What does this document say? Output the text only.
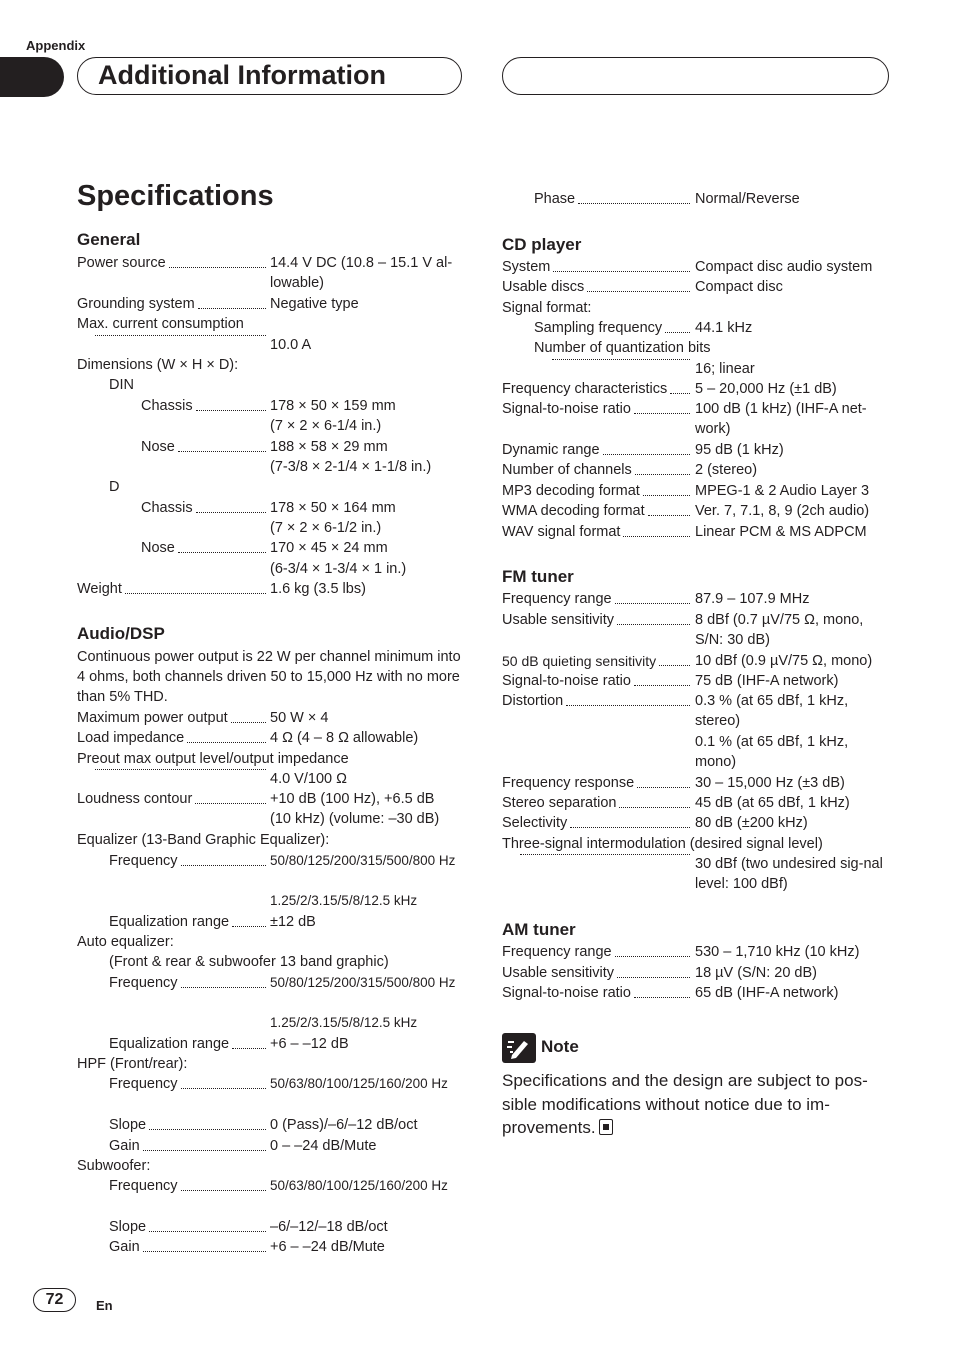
Appendix
Additional Information
Specifications
General
Power source	14.4 V DC (10.8 – 15.1 V al-lowable)
Grounding system	Negative type
Max. current consumption
10.0 A
Dimensions (W × H × D):
DIN
Chassis	178 × 50 × 159 mm
(7 × 2 × 6-1/4 in.)
Nose	188 × 58 × 29 mm
(7-3/8 × 2-1/4 × 1-1/8 in.)
D
Chassis	178 × 50 × 164 mm
(7 × 2 × 6-1/2 in.)
Nose	170 × 45 × 24 mm
(6-3/4 × 1-3/4 × 1 in.)
Weight	1.6 kg (3.5 lbs)
Audio/DSP
Continuous power output is 22 W per channel minimum into 4 ohms, both channels driven 50 to 15,000 Hz with no more than 5% THD.
Maximum power output	50 W × 4
Load impedance	4 Ω (4 – 8 Ω allowable)
Preout max output level/output impedance
4.0 V/100 Ω
Loudness contour	+10 dB (100 Hz), +6.5 dB (10 kHz) (volume: –30 dB)
Equalizer (13-Band Graphic Equalizer):
Frequency	50/80/125/200/315/500/800 Hz
1.25/2/3.15/5/8/12.5 kHz
Equalization range	±12 dB
Auto equalizer:
(Front & rear & subwoofer 13 band graphic)
Frequency	50/80/125/200/315/500/800 Hz
1.25/2/3.15/5/8/12.5 kHz
Equalization range	+6 – –12 dB
HPF (Front/rear):
Frequency	50/63/80/100/125/160/200 Hz
Slope	0 (Pass)/–6/–12 dB/oct
Gain	0 – –24 dB/Mute
Subwoofer:
Frequency	50/63/80/100/125/160/200 Hz
Slope	–6/–12/–18 dB/oct
Gain	+6 – –24 dB/Mute
Phase	Normal/Reverse
CD player
System	Compact disc audio system
Usable discs	Compact disc
Signal format:
Sampling frequency 44.1 kHz
Number of quantization bits
16; linear
Frequency characteristics 5 – 20,000 Hz (±1 dB)
Signal-to-noise ratio	100 dB (1 kHz) (IHF-A net-work)
Dynamic range	95 dB (1 kHz)
Number of channels	2 (stereo)
MP3 decoding format	MPEG-1 & 2 Audio Layer 3
WMA decoding format	Ver. 7, 7.1, 8, 9 (2ch audio)
WAV signal format	Linear PCM & MS ADPCM
FM tuner
Frequency range	87.9 – 107.9 MHz
Usable sensitivity	8 dBf (0.7 µV/75 Ω, mono, S/N: 30 dB)
50 dB quieting sensitivity	10 dBf (0.9 µV/75 Ω, mono)
Signal-to-noise ratio	75 dB (IHF-A network)
Distortion	0.3 % (at 65 dBf, 1 kHz, stereo)
0.1 % (at 65 dBf, 1 kHz, mono)
Frequency response	30 – 15,000 Hz (±3 dB)
Stereo separation	45 dB (at 65 dBf, 1 kHz)
Selectivity	80 dB (±200 kHz)
Three-signal intermodulation (desired signal level)
30 dBf (two undesired sig-nal level: 100 dBf)
AM tuner
Frequency range	530 – 1,710 kHz (10 kHz)
Usable sensitivity	18 µV (S/N: 20 dB)
Signal-to-noise ratio	65 dB (IHF-A network)
Note
Specifications and the design are subject to pos-sible modifications without notice due to im-provements.
72	En
